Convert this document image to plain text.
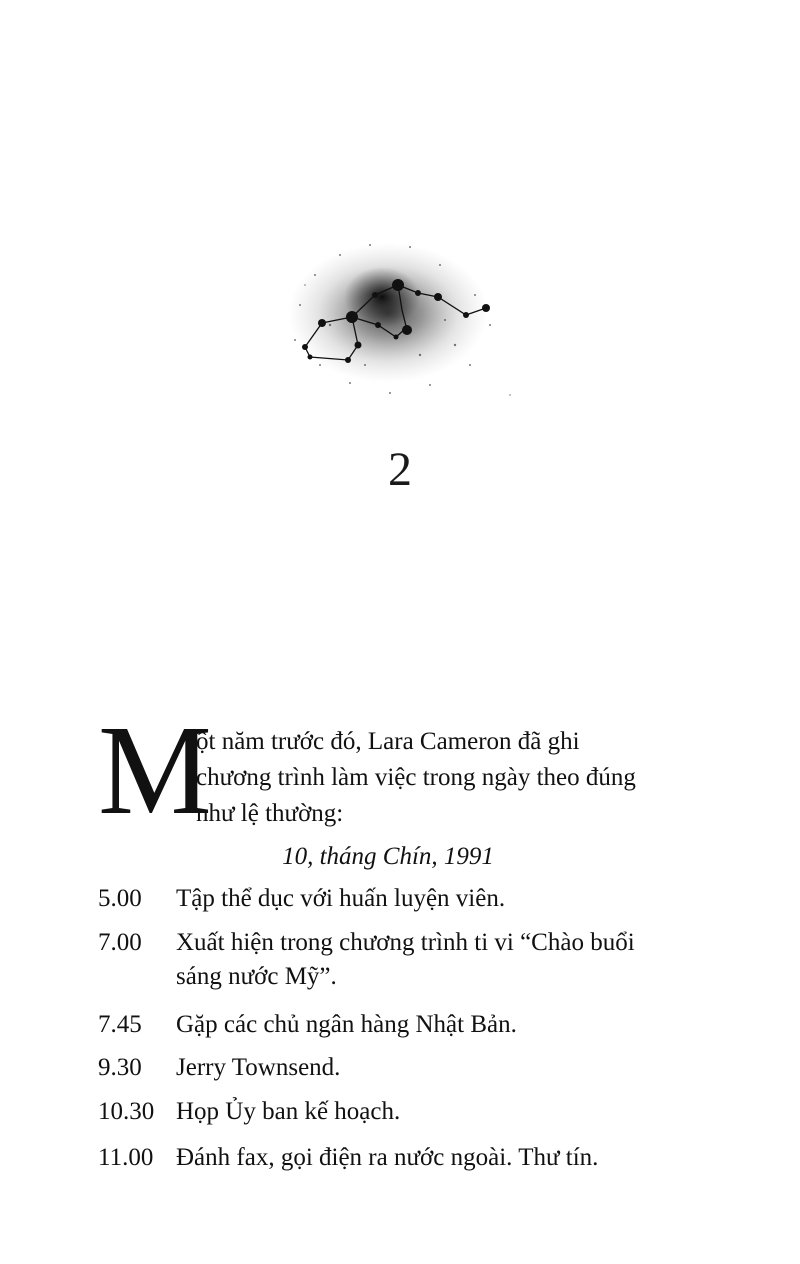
2
M
ột năm trước đó, Lara Cameron đã ghi
chương trình làm việc trong ngày theo đúng
như lệ thường:
10, tháng Chín, 1991
5.00	Tập thể dục với huấn luyện viên.
7.00	Xuất hiện trong chương trình ti vi “Chào buổi
sáng nước Mỹ”.
7.45	Gặp các chủ ngân hàng Nhật Bản.
9.30	Jerry Townsend.
10.30 Họp Ủy ban kế hoạch.
11.00 Đánh fax, gọi điện ra nước ngoài. Thư tín.
